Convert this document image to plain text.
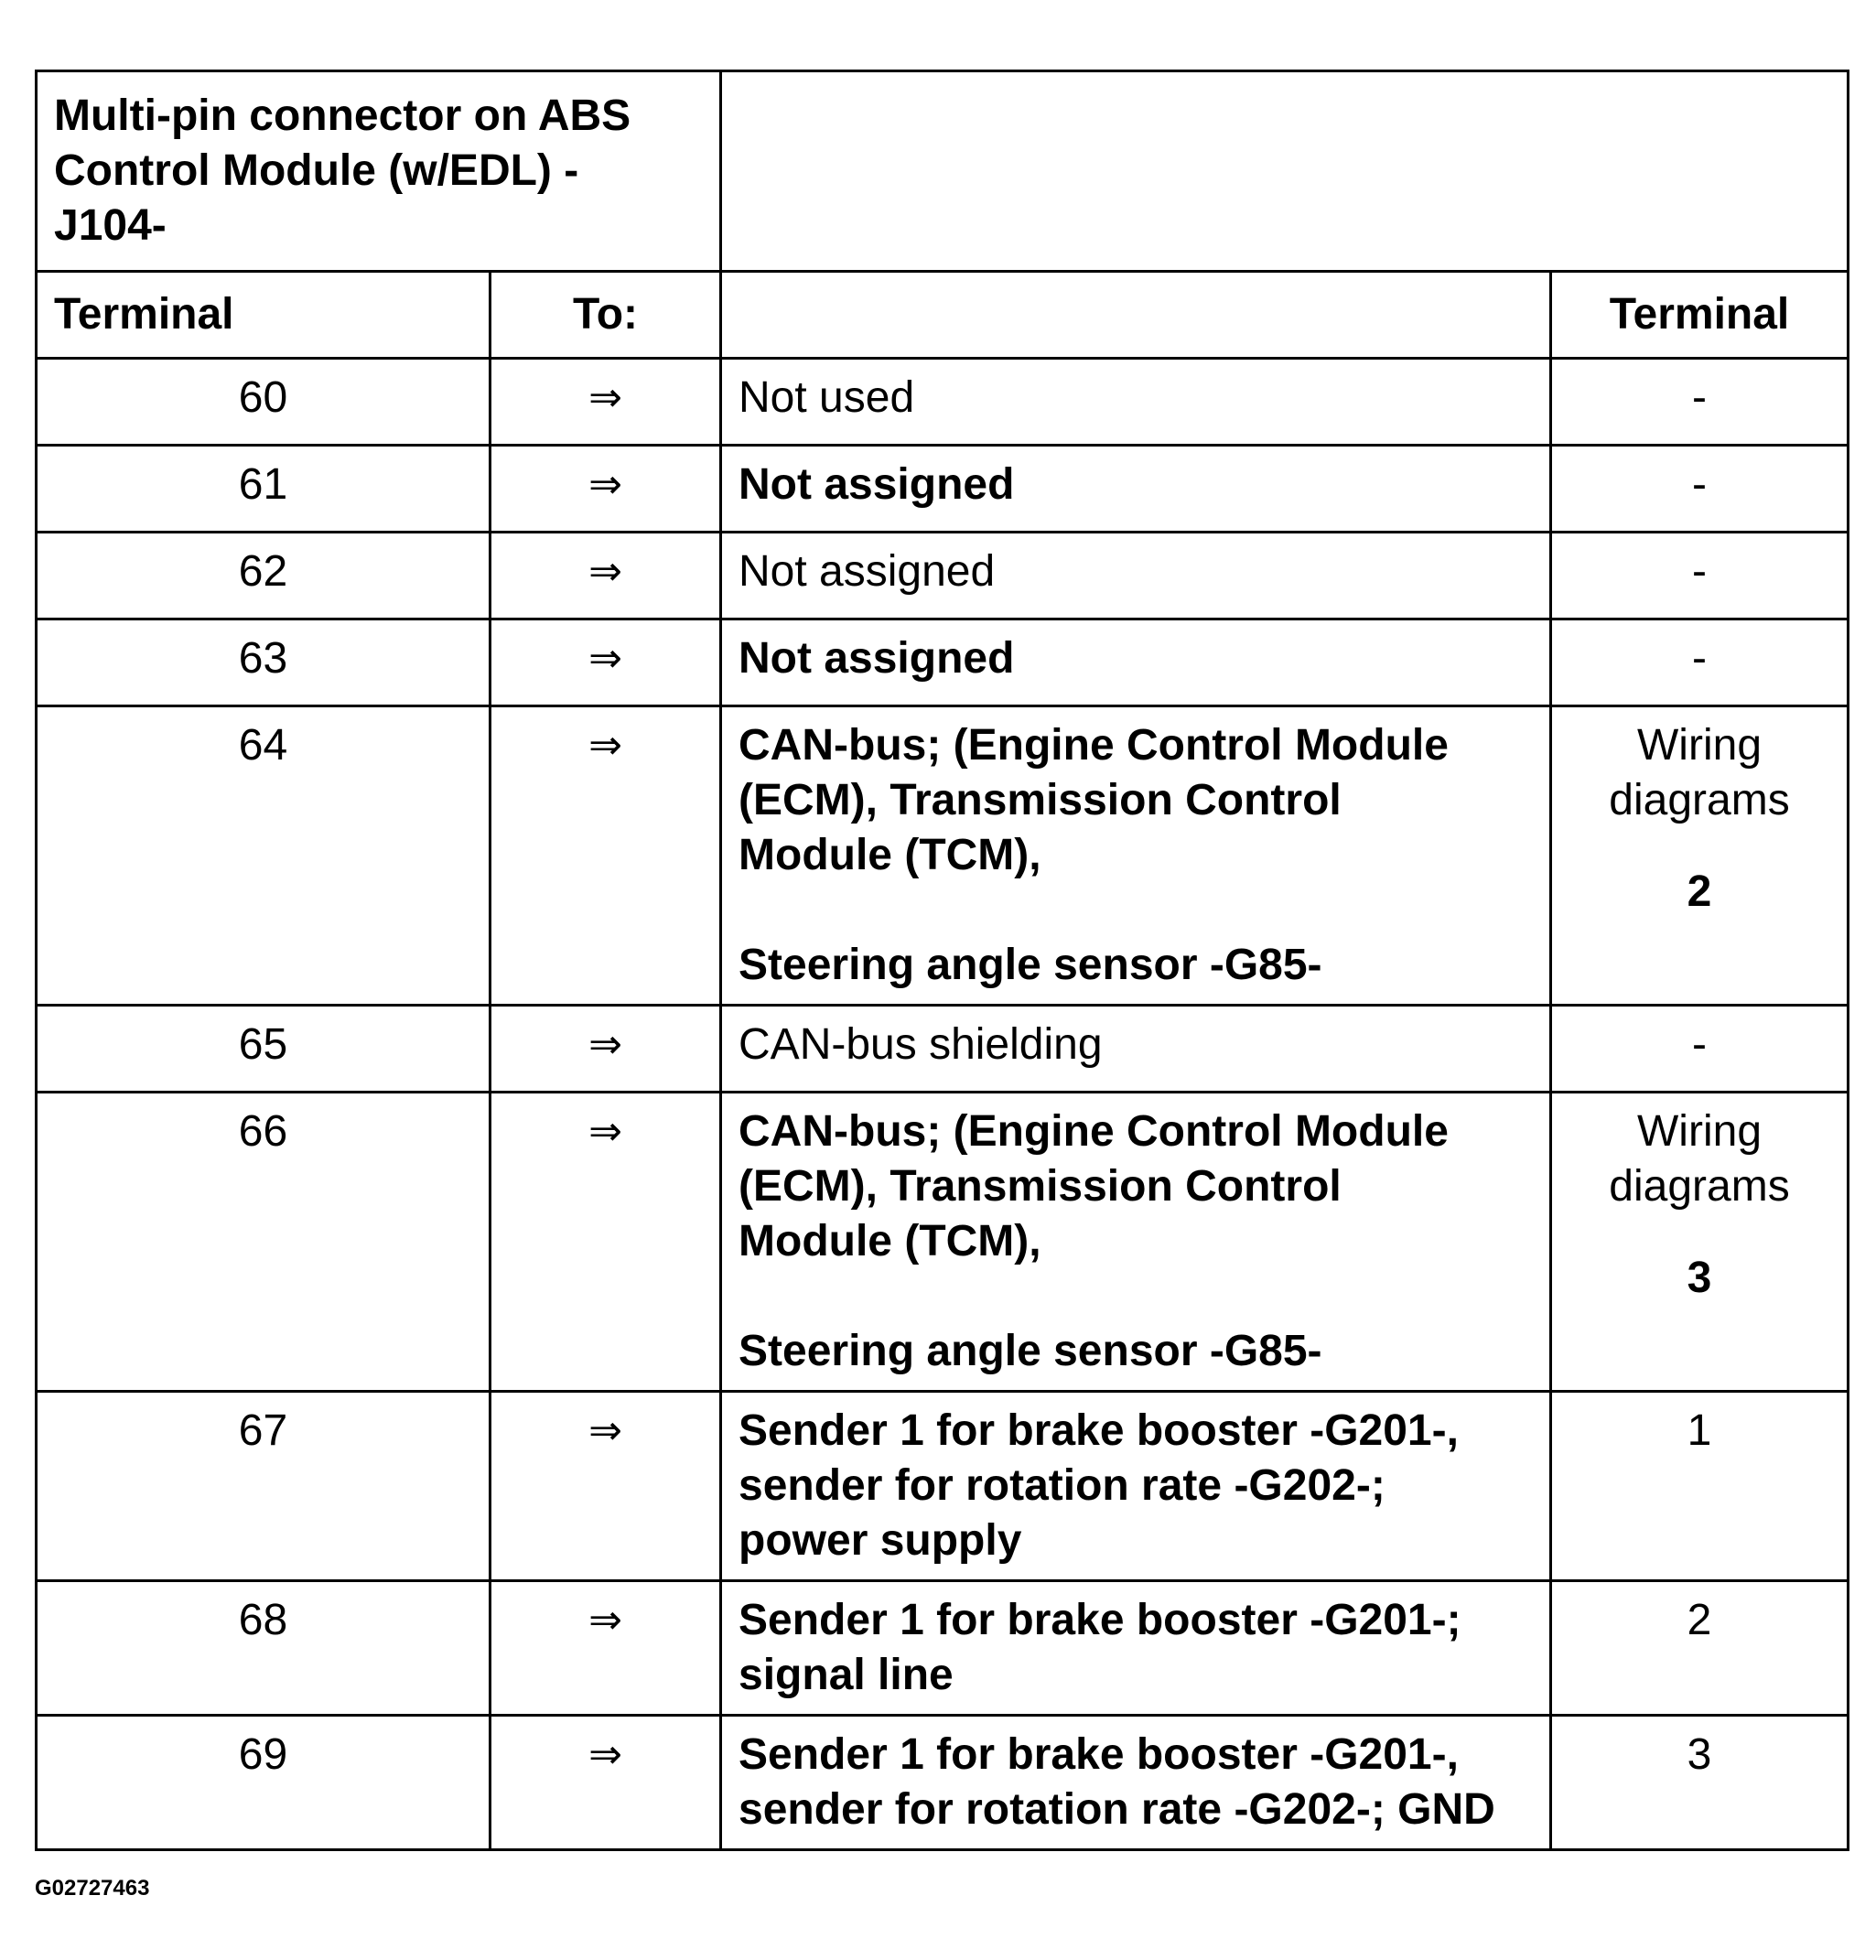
Multi-pin connector on ABS
Control Module (w/EDL) -
J104-			

Terminal	To:		Terminal
60	⇒	Not used	-

61	⇒	Not assigned	-

62	⇒	Not assigned	-

63	⇒	Not assigned	-

64	⇒	CAN-bus; (Engine Control Module
(ECM), Transmission Control
Module (TCM),
Steering angle sensor -G85-	Wiring
diagrams
2

65	⇒	CAN-bus shielding	-

66	⇒	CAN-bus; (Engine Control Module
(ECM), Transmission Control
Module (TCM),
Steering angle sensor -G85-	Wiring
diagrams
3

67	⇒	Sender 1 for brake booster -G201-,
sender for rotation rate -G202-;
power supply	1

68	⇒	Sender 1 for brake booster -G201-;
signal line	2

69	⇒	Sender 1 for brake booster -G201-,
sender for rotation rate -G202-; GND	3
G02727463
